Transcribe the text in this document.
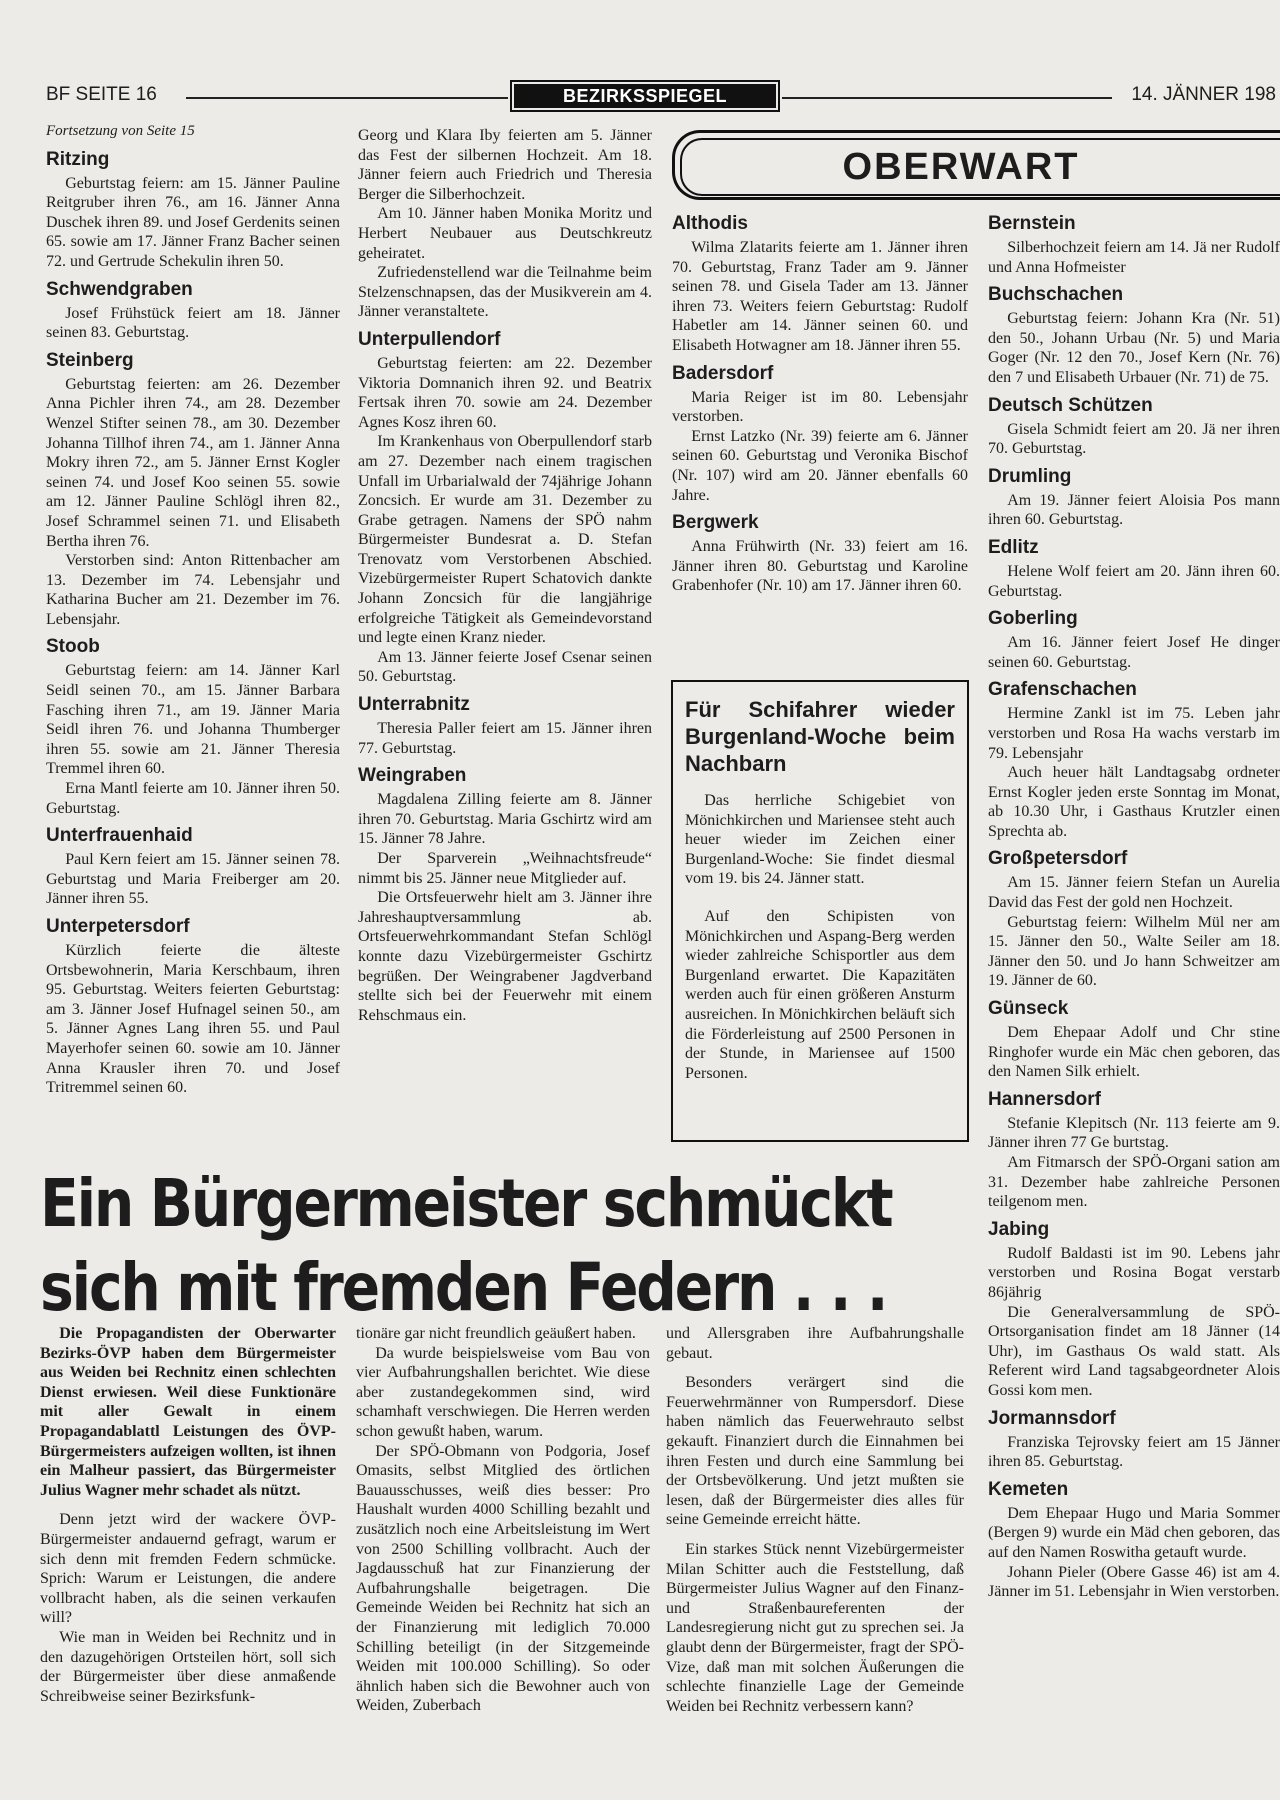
BF SEITE 16	BEZIRKSSPIEGEL	14. JÄNNER 198

Fortsetzung von Seite 15

Ritzing

Geburtstag feiern: am 15. Jänner Pauline Reitgruber ihren 76., am 16. Jänner Anna Duschek ihren 89. und Josef Gerdenits seinen 65. sowie am 17. Jänner Franz Bacher seinen 72. und Gertrude Schekulin ihren 50.

Schwendgraben

Josef Frühstück feiert am 18. Jänner seinen 83. Geburtstag.

Steinberg

Geburtstag feierten: am 26. Dezember Anna Pichler ihren 74., am 28. Dezember Wenzel Stifter seinen 78., am 30. Dezember Johanna Tillhof ihren 74., am 1. Jänner Anna Mokry ihren 72., am 5. Jänner Ernst Kogler seinen 74. und Josef Koo seinen 55. sowie am 12. Jänner Pauline Schlögl ihren 82., Josef Schrammel seinen 71. und Elisabeth Bertha ihren 76.

Verstorben sind: Anton Rittenbacher am 13. Dezember im 74. Lebensjahr und Katharina Bucher am 21. Dezember im 76. Lebensjahr.

Stoob

Geburtstag feiern: am 14. Jänner Karl Seidl seinen 70., am 15. Jänner Barbara Fasching ihren 71., am 19. Jänner Maria Seidl ihren 76. und Johanna Thumberger ihren 55. sowie am 21. Jänner Theresia Tremmel ihren 60.

Erna Mantl feierte am 10. Jänner ihren 50. Geburtstag.

Unterfrauenhaid

Paul Kern feiert am 15. Jänner seinen 78. Geburtstag und Maria Freiberger am 20. Jänner ihren 55.

Unterpetersdorf

Kürzlich feierte die älteste Ortsbewohnerin, Maria Kerschbaum, ihren 95. Geburtstag. Weiters feierten Geburtstag: am 3. Jänner Josef Hufnagel seinen 50., am 5. Jänner Agnes Lang ihren 55. und Paul Mayerhofer seinen 60. sowie am 10. Jänner Anna Krausler ihren 70. und Josef Tritremmel seinen 60.

Georg und Klara Iby feierten am 5. Jänner das Fest der silbernen Hochzeit. Am 18. Jänner feiern auch Friedrich und Theresia Berger die Silberhochzeit.

Am 10. Jänner haben Monika Moritz und Herbert Neubauer aus Deutschkreutz geheiratet.

Zufriedenstellend war die Teilnahme beim Stelzenschnapsen, das der Musikverein am 4. Jänner veranstaltete.

Unterpullendorf

Geburtstag feierten: am 22. Dezember Viktoria Domnanich ihren 92. und Beatrix Fertsak ihren 70. sowie am 24. Dezember Agnes Kosz ihren 60.

Im Krankenhaus von Oberpullendorf starb am 27. Dezember nach einem tragischen Unfall im Urbarialwald der 74jährige Johann Zoncsich. Er wurde am 31. Dezember zu Grabe getragen. Namens der SPÖ nahm Bürgermeister Bundesrat a. D. Stefan Trenovatz vom Verstorbenen Abschied. Vizebürgermeister Rupert Schatovich dankte Johann Zoncsich für die langjährige erfolgreiche Tätigkeit als Gemeindevorstand und legte einen Kranz nieder.

Am 13. Jänner feierte Josef Csenar seinen 50. Geburtstag.

Unterrabnitz

Theresia Paller feiert am 15. Jänner ihren 77. Geburtstag.

Weingraben

Magdalena Zilling feierte am 8. Jänner ihren 70. Geburtstag. Maria Gschirtz wird am 15. Jänner 78 Jahre.

Der Sparverein „Weihnachtsfreude“ nimmt bis 25. Jänner neue Mitglieder auf.

Die Ortsfeuerwehr hielt am 3. Jänner ihre Jahreshauptversammlung ab. Ortsfeuerwehrkommandant Stefan Schlögl konnte dazu Vizebürgermeister Gschirtz begrüßen. Der Weingrabener Jagdverband stellte sich bei der Feuerwehr mit einem Rehschmaus ein.

OBERWART
Althodis

Wilma Zlatarits feierte am 1. Jänner ihren 70. Geburtstag, Franz Tader am 9. Jänner seinen 78. und Gisela Tader am 13. Jänner ihren 73. Weiters feiern Geburtstag: Rudolf Habetler am 14. Jänner seinen 60. und Elisabeth Hotwagner am 18. Jänner ihren 55.

Badersdorf

Maria Reiger ist im 80. Lebensjahr verstorben.

Ernst Latzko (Nr. 39) feierte am 6. Jänner seinen 60. Geburtstag und Veronika Bischof (Nr. 107) wird am 20. Jänner ebenfalls 60 Jahre.

Bergwerk

Anna Frühwirth (Nr. 33) feiert am 16. Jänner ihren 80. Geburtstag und Karoline Grabenhofer (Nr. 10) am 17. Jänner ihren 60.

Für Schifahrer wieder Burgenland-Woche beim Nachbarn

Das herrliche Schigebiet von Mönichkirchen und Mariensee steht auch heuer wieder im Zeichen einer Burgenland-Woche: Sie findet diesmal vom 19. bis 24. Jänner statt.

Auf den Schipisten von Mönichkirchen und Aspang-Berg werden wieder zahlreiche Schisportler aus dem Burgenland erwartet. Die Kapazitäten werden auch für einen größeren Ansturm ausreichen. In Mönichkirchen beläuft sich die Förderleistung auf 2500 Personen in der Stunde, in Mariensee auf 1500 Personen.

Bernstein

Silberhochzeit feiern am 14. Jä ner Rudolf und Anna Hofmeister

Buchschachen

Geburtstag feiern: Johann Kra (Nr. 51) den 50., Johann Urbau (Nr. 5) und Maria Goger (Nr. 12 den 70., Josef Kern (Nr. 76) den 7 und Elisabeth Urbauer (Nr. 71) de 75.

Deutsch Schützen

Gisela Schmidt feiert am 20. Jä ner ihren 70. Geburtstag.

Drumling

Am 19. Jänner feiert Aloisia Pos mann ihren 60. Geburtstag.

Edlitz

Helene Wolf feiert am 20. Jänn ihren 60. Geburtstag.

Goberling

Am 16. Jänner feiert Josef He dinger seinen 60. Geburtstag.

Grafenschachen

Hermine Zankl ist im 75. Leben jahr verstorben und Rosa Ha wachs verstarb im 79. Lebensjahr

Auch heuer hält Landtagsabg ordneter Ernst Kogler jeden erste Sonntag im Monat, ab 10.30 Uhr, i Gasthaus Krutzler einen Sprechta ab.

Großpetersdorf

Am 15. Jänner feiern Stefan un Aurelia David das Fest der gold nen Hochzeit.

Geburtstag feiern: Wilhelm Mül ner am 15. Jänner den 50., Walte Seiler am 18. Jänner den 50. und Jo hann Schweitzer am 19. Jänner de 60.

Günseck

Dem Ehepaar Adolf und Chr stine Ringhofer wurde ein Mäc chen geboren, das den Namen Silk erhielt.

Hannersdorf

Stefanie Klepitsch (Nr. 113 feierte am 9. Jänner ihren 77 Ge burtstag.

Am Fitmarsch der SPÖ-Organi sation am 31. Dezember habe zahlreiche Personen teilgenom men.

Jabing

Rudolf Baldasti ist im 90. Lebens jahr verstorben und Rosina Bogat verstarb 86jährig

Die Generalversammlung de SPÖ-Ortsorganisation findet am 18 Jänner (14 Uhr), im Gasthaus Os wald statt. Als Referent wird Land tagsabgeordneter Alois Gossi kom men.

Jormannsdorf

Franziska Tejrovsky feiert am 15 Jänner ihren 85. Geburtstag.

Kemeten

Dem Ehepaar Hugo und Maria Sommer (Bergen 9) wurde ein Mäd chen geboren, das auf den Namen Roswitha getauft wurde.

Johann Pieler (Obere Gasse 46) ist am 4. Jänner im 51. Lebensjahr in Wien verstorben.

Ein Bürgermeister schmückt
sich mit fremden Federn . . .

Die Propagandisten der Oberwarter Bezirks-ÖVP haben dem Bürgermeister aus Weiden bei Rechnitz einen schlechten Dienst erwiesen. Weil diese Funktionäre mit aller Gewalt in einem Propagandablattl Leistungen des ÖVP-Bürgermeisters aufzeigen wollten, ist ihnen ein Malheur passiert, das Bürgermeister Julius Wagner mehr schadet als nützt.

Denn jetzt wird der wackere ÖVP-Bürgermeister andauernd gefragt, warum er sich denn mit fremden Federn schmücke. Sprich: Warum er Leistungen, die andere vollbracht haben, als die seinen verkaufen will?

Wie man in Weiden bei Rechnitz und in den dazugehörigen Ortsteilen hört, soll sich der Bürgermeister über diese anmaßende Schreibweise seiner Bezirksfunk-

tionäre gar nicht freundlich geäußert haben.

Da wurde beispielsweise vom Bau von vier Aufbahrungshallen berichtet. Wie diese aber zustandegekommen sind, wird schamhaft verschwiegen. Die Herren werden schon gewußt haben, warum.

Der SPÖ-Obmann von Podgoria, Josef Omasits, selbst Mitglied des örtlichen Bauausschusses, weiß dies besser: Pro Haushalt wurden 4000 Schilling bezahlt und zusätzlich noch eine Arbeitsleistung im Wert von 2500 Schilling vollbracht. Auch der Jagdausschuß hat zur Finanzierung der Aufbahrungshalle beigetragen. Die Gemeinde Weiden bei Rechnitz hat sich an der Finanzierung mit lediglich 70.000 Schilling beteiligt (in der Sitzgemeinde Weiden mit 100.000 Schilling). So oder ähnlich haben sich die Bewohner auch von Weiden, Zuberbach

und Allersgraben ihre Aufbahrungshalle gebaut.

Besonders verärgert sind die Feuerwehrmänner von Rumpersdorf. Diese haben nämlich das Feuerwehrauto selbst gekauft. Finanziert durch die Einnahmen bei ihren Festen und durch eine Sammlung bei der Ortsbevölkerung. Und jetzt mußten sie lesen, daß der Bürgermeister dies alles für seine Gemeinde erreicht hätte.

Ein starkes Stück nennt Vizebürgermeister Milan Schitter auch die Feststellung, daß Bürgermeister Julius Wagner auf den Finanz- und Straßenbaureferenten der Landesregierung nicht gut zu sprechen sei. Ja glaubt denn der Bürgermeister, fragt der SPÖ-Vize, daß man mit solchen Äußerungen die schlechte finanzielle Lage der Gemeinde Weiden bei Rechnitz verbessern kann?
